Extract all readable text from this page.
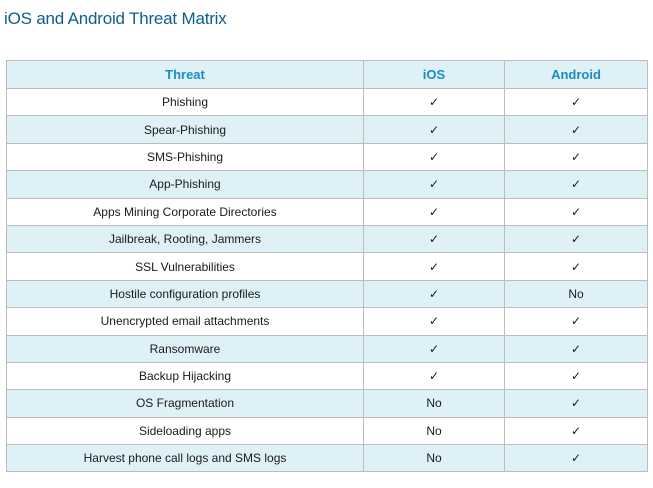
iOS and Android Threat Matrix
Threat	iOS	Android
Phishing	✓	✓
Spear-Phishing	✓	✓
SMS-Phishing	✓	✓
App-Phishing	✓	✓
Apps Mining Corporate Directories	✓	✓
Jailbreak, Rooting, Jammers	✓	✓
SSL Vulnerabilities	✓	✓
Hostile configuration profiles	✓	No
Unencrypted email attachments	✓	✓
Ransomware	✓	✓
Backup Hijacking	✓	✓
OS Fragmentation	No	✓
Sideloading apps	No	✓
Harvest phone call logs and SMS logs	No	✓
